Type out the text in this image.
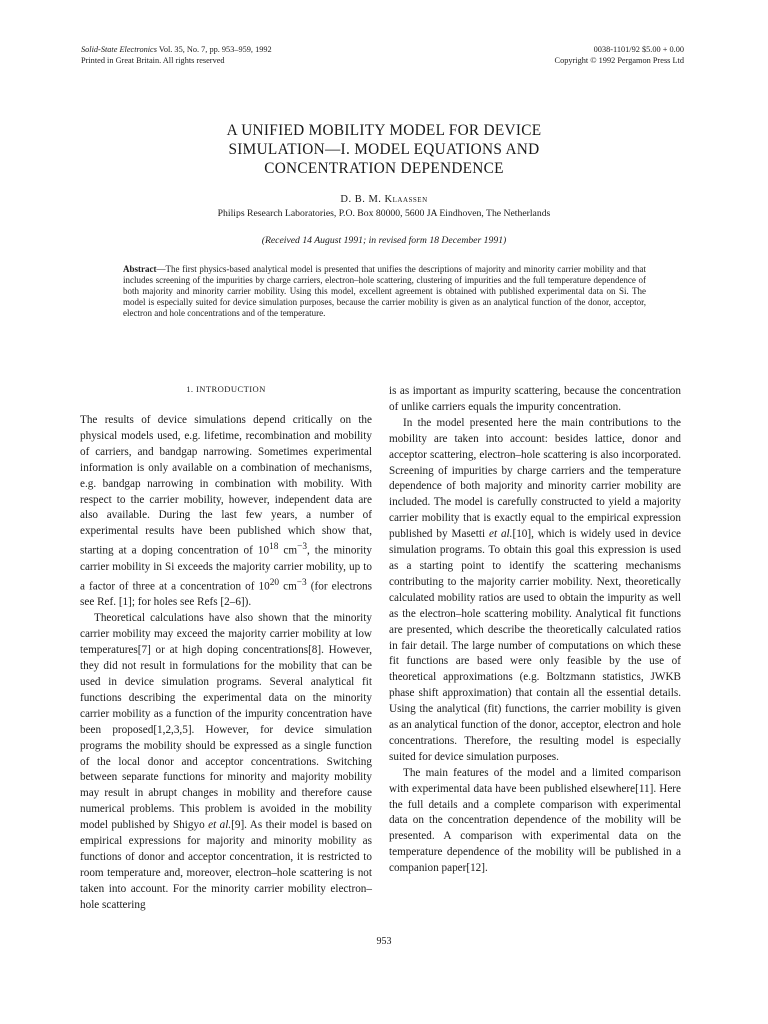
Solid-State Electronics Vol. 35, No. 7, pp. 953–959, 1992
Printed in Great Britain. All rights reserved
0038-1101/92 $5.00 + 0.00
Copyright © 1992 Pergamon Press Ltd
A UNIFIED MOBILITY MODEL FOR DEVICE
SIMULATION—I. MODEL EQUATIONS AND
CONCENTRATION DEPENDENCE
D. B. M. Klaassen
Philips Research Laboratories, P.O. Box 80000, 5600 JA Eindhoven, The Netherlands
(Received 14 August 1991; in revised form 18 December 1991)
Abstract—The first physics-based analytical model is presented that unifies the descriptions of majority and minority carrier mobility and that includes screening of the impurities by charge carriers, electron–hole scattering, clustering of impurities and the full temperature dependence of both majority and minority carrier mobility. Using this model, excellent agreement is obtained with published experimental data on Si. The model is especially suited for device simulation purposes, because the carrier mobility is given as an analytical function of the donor, acceptor, electron and hole concentrations and of the temperature.
1. INTRODUCTION

The results of device simulations depend critically on the physical models used, e.g. lifetime, recombination and mobility of carriers, and bandgap narrowing. Sometimes experimental information is only available on a combination of mechanisms, e.g. bandgap narrowing in combination with mobility. With respect to the carrier mobility, however, independent data are also available. During the last few years, a number of experimental results have been published which show that, starting at a doping concentration of $10^{18}$ $cm^{-3}$, the minority carrier mobility in Si exceeds the majority carrier mobility, up to a factor of three at a concentration of $10^{20}$ $cm^{-3}$ (for electrons see Ref. [1]; for holes see Refs [2–6]).

Theoretical calculations have also shown that the minority carrier mobility may exceed the majority carrier mobility at low temperatures[7] or at high doping concentrations[8]. However, they did not result in formulations for the mobility that can be used in device simulation programs. Several analytical fit functions describing the experimental data on the minority carrier mobility as a function of the impurity concentration have been proposed[1,2,3,5]. However, for device simulation programs the mobility should be expressed as a single function of the local donor and acceptor concentrations. Switching between separate functions for minority and majority mobility may result in abrupt changes in mobility and therefore cause numerical problems. This problem is avoided in the mobility model published by Shigyo et al.[9]. As their model is based on empirical expressions for majority and minority mobility as functions of donor and acceptor concentration, it is restricted to room temperature and, moreover, electron–hole scattering is not taken into account. For the minority carrier mobility electron–hole scattering

is as important as impurity scattering, because the concentration of unlike carriers equals the impurity concentration.

In the model presented here the main contributions to the mobility are taken into account: besides lattice, donor and acceptor scattering, electron–hole scattering is also incorporated. Screening of impurities by charge carriers and the temperature dependence of both majority and minority carrier mobility are included. The model is carefully constructed to yield a majority carrier mobility that is exactly equal to the empirical expression published by Masetti et al.[10], which is widely used in device simulation programs. To obtain this goal this expression is used as a starting point to identify the scattering mechanisms contributing to the majority carrier mobility. Next, theoretically calculated mobility ratios are used to obtain the impurity as well as the electron–hole scattering mobility. Analytical fit functions are presented, which describe the theoretically calculated ratios in fair detail. The large number of computations on which these fit functions are based were only feasible by the use of theoretical approximations (e.g. Boltzmann statistics, JWKB phase shift approximation) that contain all the essential details. Using the analytical (fit) functions, the carrier mobility is given as an analytical function of the donor, acceptor, electron and hole concentrations. Therefore, the resulting model is especially suited for device simulation purposes.

The main features of the model and a limited comparison with experimental data have been published elsewhere[11]. Here the full details and a complete comparison with experimental data on the concentration dependence of the mobility will be presented. A comparison with experimental data on the temperature dependence of the mobility will be published in a companion paper[12].

953
